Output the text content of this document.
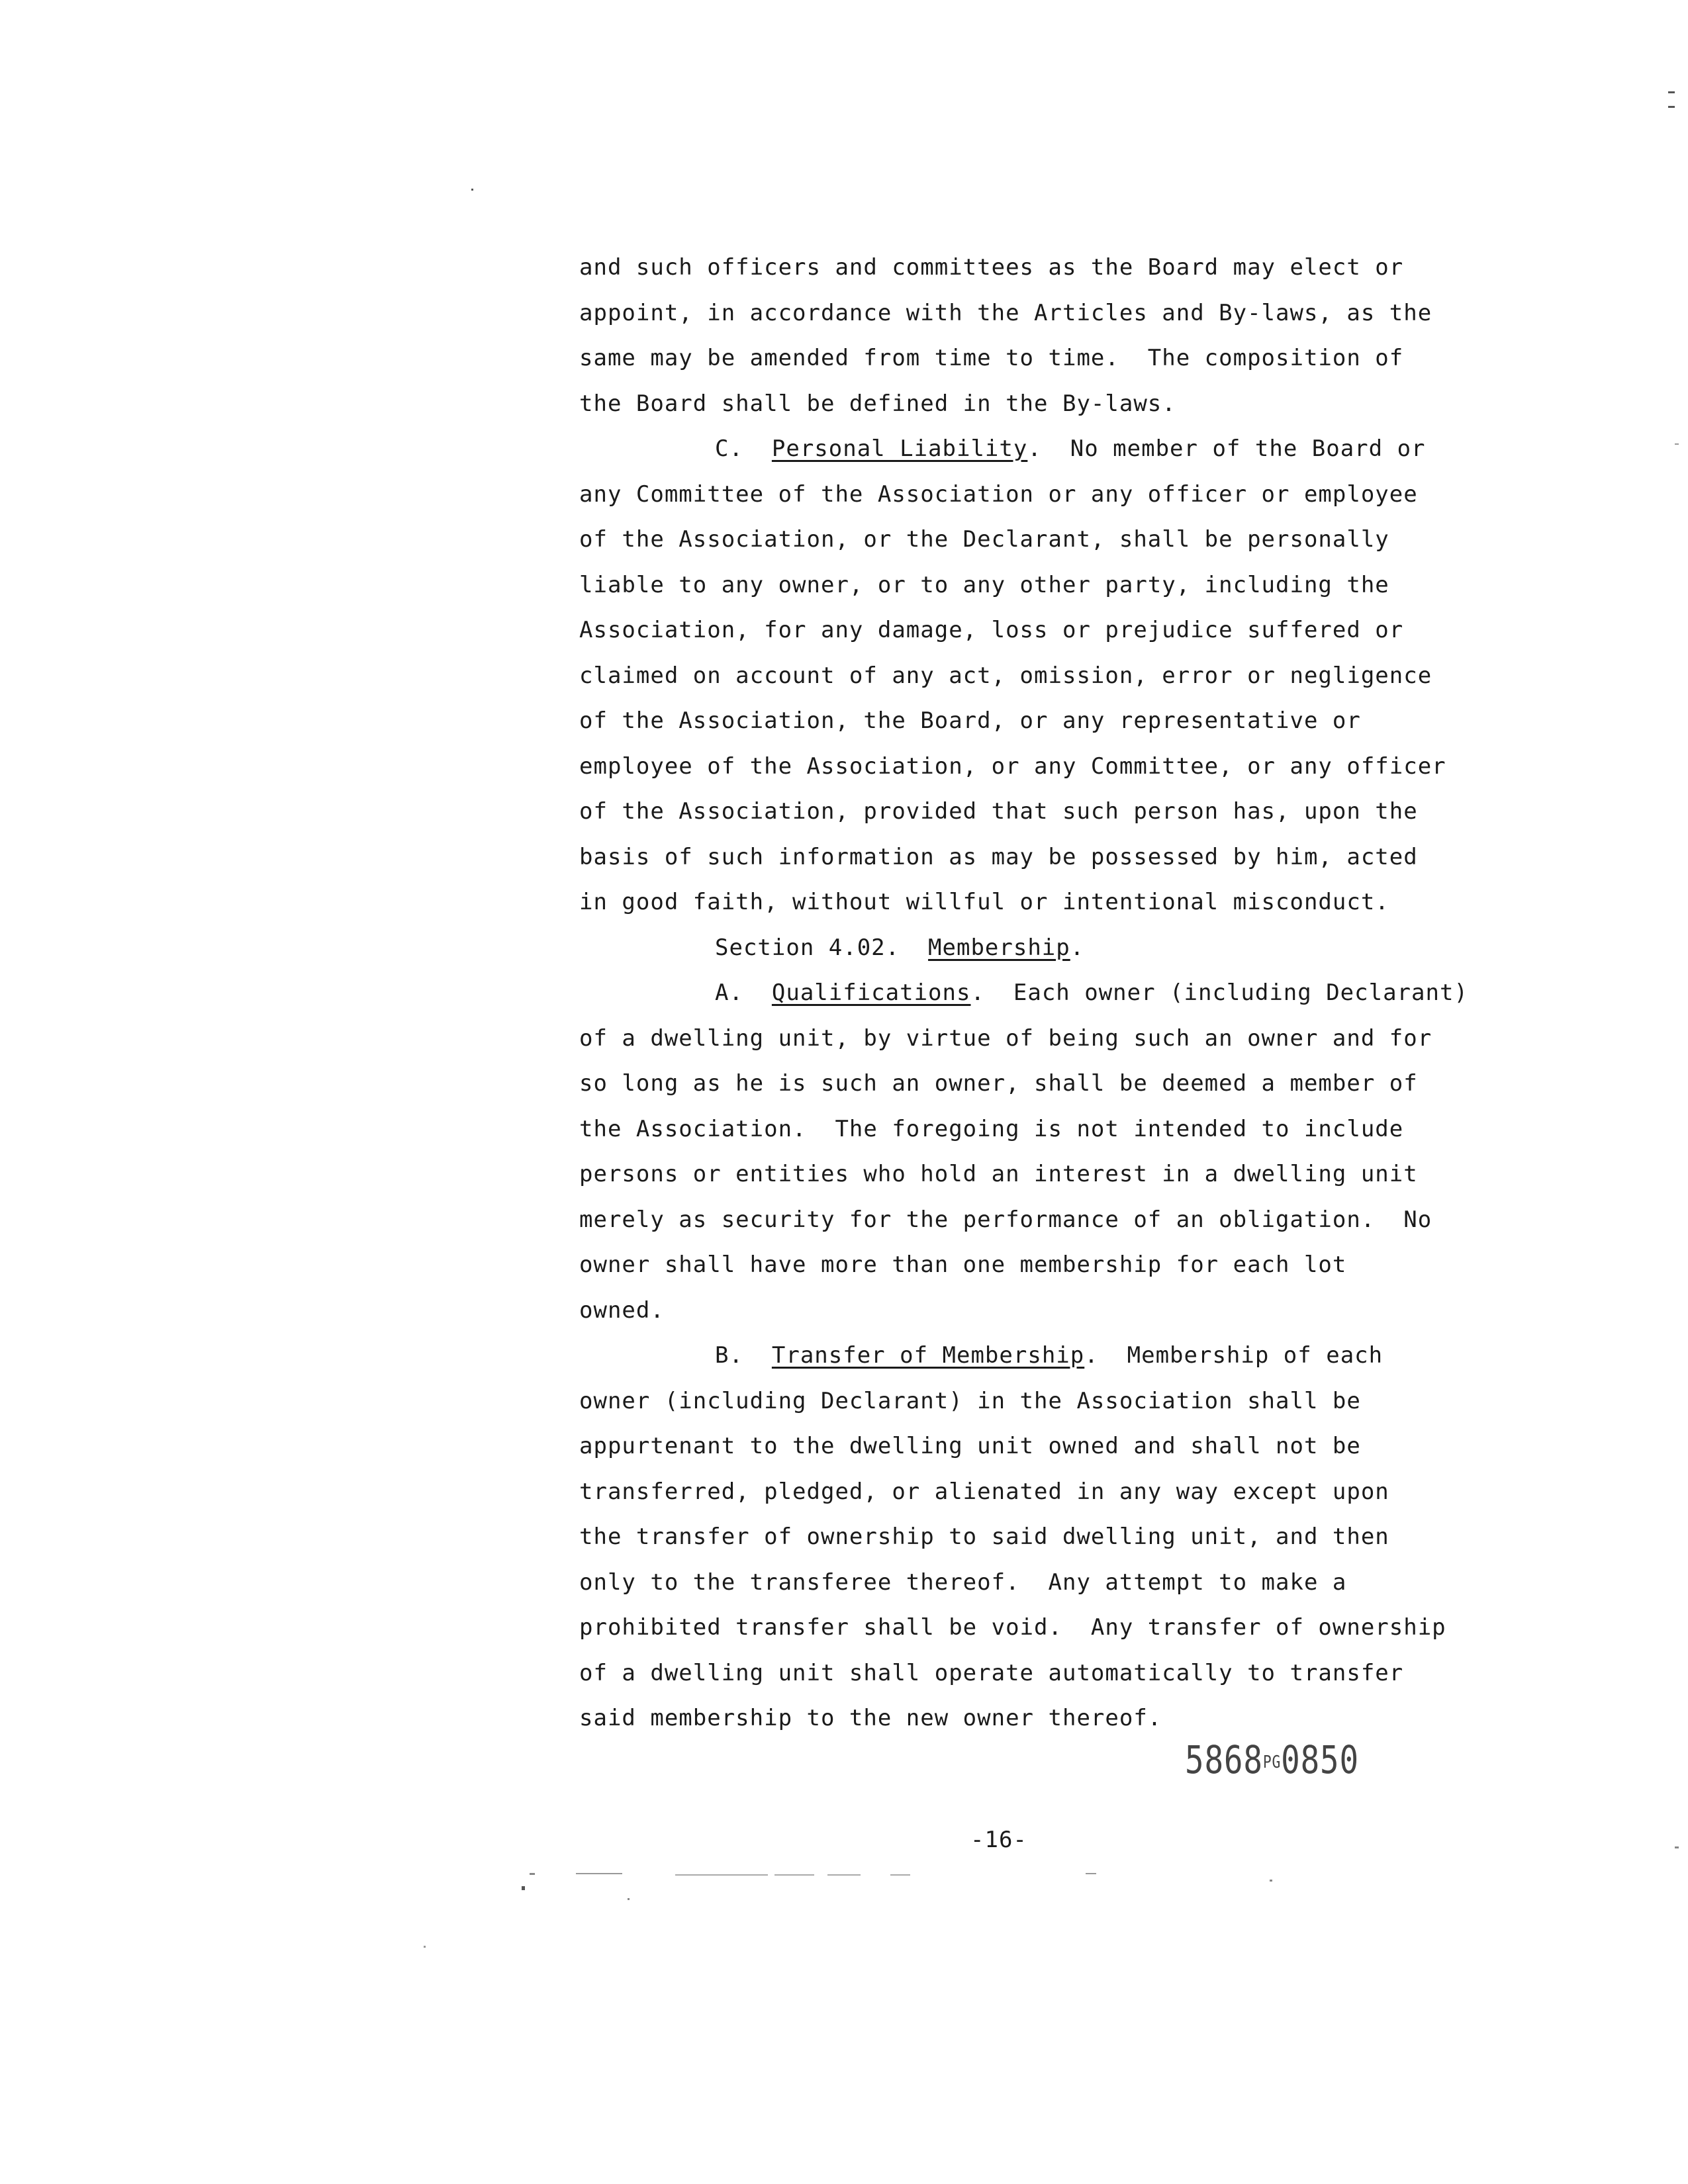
and such officers and committees as the Board may elect or
appoint, in accordance with the Articles and By-laws, as the
same may be amended from time to time.  The composition of
the Board shall be defined in the By-laws.
C.  Personal Liability.  No member of the Board or
any Committee of the Association or any officer or employee
of the Association, or the Declarant, shall be personally
liable to any owner, or to any other party, including the
Association, for any damage, loss or prejudice suffered or
claimed on account of any act, omission, error or negligence
of the Association, the Board, or any representative or
employee of the Association, or any Committee, or any officer
of the Association, provided that such person has, upon the
basis of such information as may be possessed by him, acted
in good faith, without willful or intentional misconduct.
Section 4.02.  Membership.
A.  Qualifications.  Each owner (including Declarant)
of a dwelling unit, by virtue of being such an owner and for
so long as he is such an owner, shall be deemed a member of
the Association.  The foregoing is not intended to include
persons or entities who hold an interest in a dwelling unit
merely as security for the performance of an obligation.  No
owner shall have more than one membership for each lot
owned.
B.  Transfer of Membership.  Membership of each
owner (including Declarant) in the Association shall be
appurtenant to the dwelling unit owned and shall not be
transferred, pledged, or alienated in any way except upon
the transfer of ownership to said dwelling unit, and then
only to the transferee thereof.  Any attempt to make a
prohibited transfer shall be void.  Any transfer of ownership
of a dwelling unit shall operate automatically to transfer
said membership to the new owner thereof.
5868PG0850
-16-
